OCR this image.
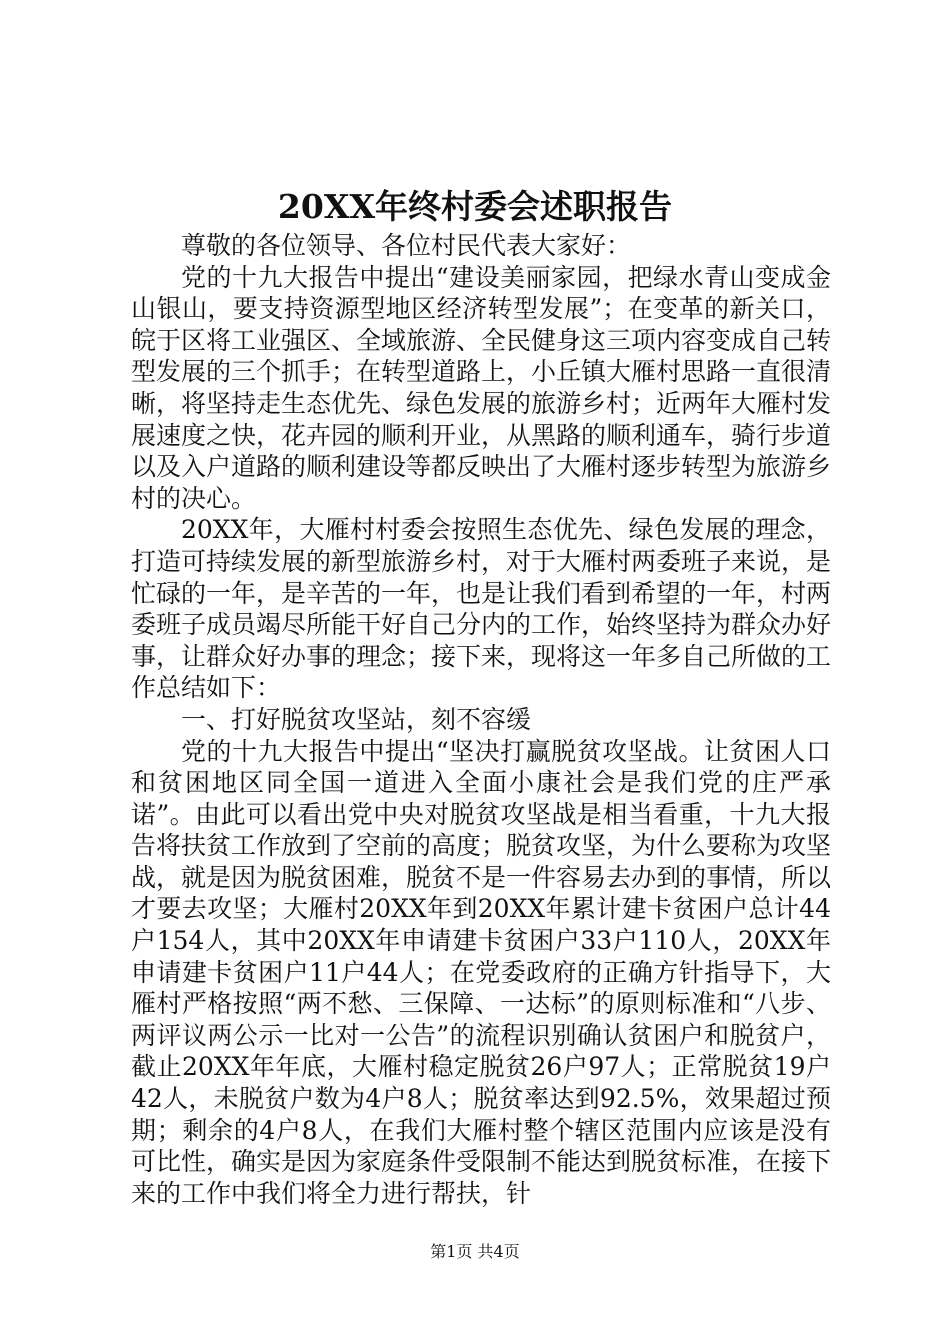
20XX年终村委会述职报告

尊敬的各位领导、各位村民代表大家好：

党的十九大报告中提出“建设美丽家园，把绿水青山变成金山银山，要支持资源型地区经济转型发展”；在变革的新关口，皖于区将工业强区、全域旅游、全民健身这三项内容变成自己转型发展的三个抓手；在转型道路上，小丘镇大雁村思路一直很清晰，将坚持走生态优先、绿色发展的旅游乡村；近两年大雁村发展速度之快，花卉园的顺利开业，从黑路的顺利通车，骑行步道以及入户道路的顺利建设等都反映出了大雁村逐步转型为旅游乡村的决心。

20XX年，大雁村村委会按照生态优先、绿色发展的理念，打造可持续发展的新型旅游乡村，对于大雁村两委班子来说，是忙碌的一年，是辛苦的一年，也是让我们看到希望的一年，村两委班子成员竭尽所能干好自己分内的工作，始终坚持为群众办好事，让群众好办事的理念；接下来，现将这一年多自己所做的工作总结如下：

一、打好脱贫攻坚站，刻不容缓

党的十九大报告中提出“坚决打赢脱贫攻坚战。让贫困人口和贫困地区同全国一道进入全面小康社会是我们党的庄严承诺”。由此可以看出党中央对脱贫攻坚战是相当看重，十九大报告将扶贫工作放到了空前的高度；脱贫攻坚，为什么要称为攻坚战，就是因为脱贫困难，脱贫不是一件容易去办到的事情，所以才要去攻坚；大雁村20XX年到20XX年累计建卡贫困户总计44户154人，其中20XX年申请建卡贫困户33户110人，20XX年申请建卡贫困户11户44人；在党委政府的正确方针指导下，大雁村严格按照“两不愁、三保障、一达标”的原则标准和“八步、两评议两公示一比对一公告”的流程识别确认贫困户和脱贫户，截止20XX年年底，大雁村稳定脱贫26户97人；正常脱贫19户42人，未脱贫户数为4户8人；脱贫率达到92.5%，效果超过预期；剩余的4户8人，在我们大雁村整个辖区范围内应该是没有可比性，确实是因为家庭条件受限制不能达到脱贫标准，在接下来的工作中我们将全力进行帮扶，针

第1页 共4页
